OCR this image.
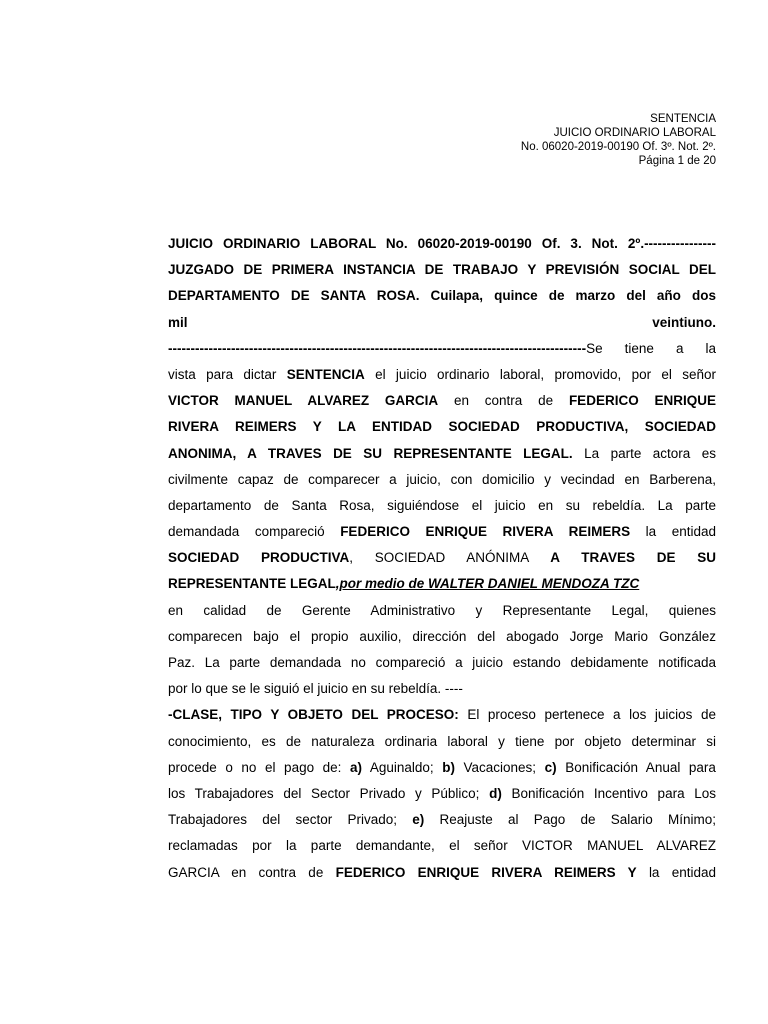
SENTENCIA
JUICIO ORDINARIO LABORAL
No. 06020-2019-00190 Of. 3º. Not. 2º.
Página 1 de 20
JUICIO ORDINARIO LABORAL No. 06020-2019-00190 Of. 3. Not. 2º.----------------
JUZGADO DE PRIMERA INSTANCIA DE TRABAJO Y PREVISIÓN SOCIAL DEL
DEPARTAMENTO DE SANTA ROSA. Cuilapa, quince de marzo del año dos
mil	veintiuno.
---------------------------------------------------------------------------------------------Se tiene a la
vista para dictar SENTENCIA el juicio ordinario laboral, promovido, por el señor
VICTOR MANUEL ALVAREZ GARCIA en contra de FEDERICO ENRIQUE
RIVERA REIMERS Y LA ENTIDAD SOCIEDAD PRODUCTIVA, SOCIEDAD
ANONIMA, A TRAVES DE SU REPRESENTANTE LEGAL. La parte actora es
civilmente capaz de comparecer a juicio, con domicilio y vecindad en Barberena,
departamento de Santa Rosa, siguiéndose el juicio en su rebeldía. La parte
demandada compareció FEDERICO ENRIQUE RIVERA REIMERS la entidad
SOCIEDAD PRODUCTIVA, SOCIEDAD ANÓNIMA A TRAVES DE SU
REPRESENTANTE LEGAL,por medio de WALTER DANIEL MENDOZA TZC
en calidad de Gerente Administrativo y Representante Legal, quienes
comparecen bajo el propio auxilio, dirección del abogado Jorge Mario González
Paz. La parte demandada no compareció a juicio estando debidamente notificada
por lo que se le siguió el juicio en su rebeldía. ----
-CLASE, TIPO Y OBJETO DEL PROCESO: El proceso pertenece a los juicios de
conocimiento, es de naturaleza ordinaria laboral y tiene por objeto determinar si
procede o no el pago de: a) Aguinaldo; b) Vacaciones; c) Bonificación Anual para
los Trabajadores del Sector Privado y Público; d) Bonificación Incentivo para Los
Trabajadores del sector Privado; e) Reajuste al Pago de Salario Mínimo;
reclamadas por la parte demandante, el señor VICTOR MANUEL ALVAREZ
GARCIA en contra de FEDERICO ENRIQUE RIVERA REIMERS Y la entidad
